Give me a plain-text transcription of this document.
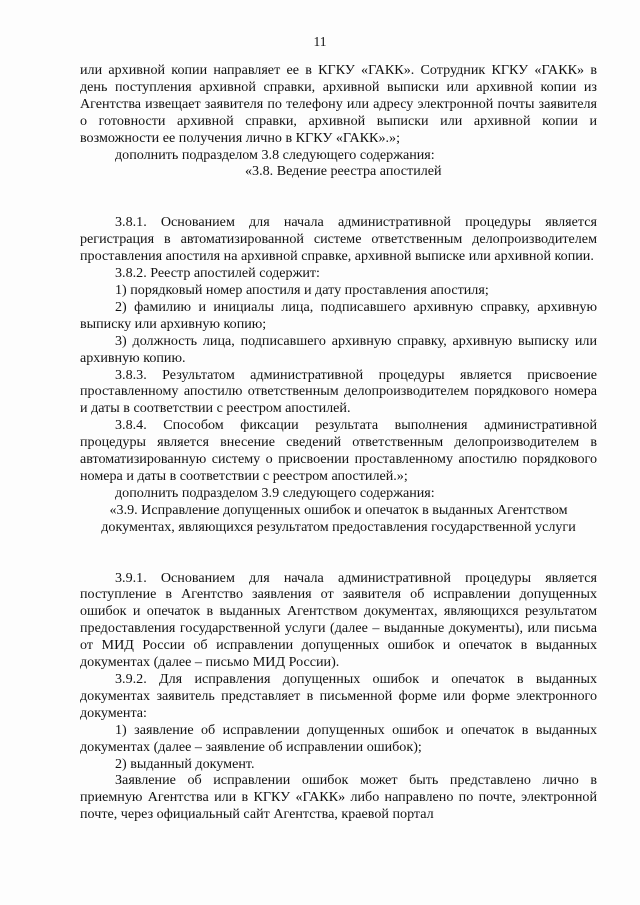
11

или архивной копии направляет ее в КГКУ «ГАКК». Сотрудник КГКУ «ГАКК» в день поступления архивной справки, архивной выписки или архивной копии из Агентства извещает заявителя по телефону или адресу электронной почты заявителя о готовности архивной справки, архивной выписки или архивной копии и возможности ее получения лично в КГКУ «ГАКК».»;

дополнить подразделом 3.8 следующего содержания:

«3.8. Ведение реестра апостилей

3.8.1. Основанием для начала административной процедуры является регистрация в автоматизированной системе ответственным делопроизводителем проставления апостиля на архивной справке, архивной выписке или архивной копии.

3.8.2. Реестр апостилей содержит:

1) порядковый номер апостиля и дату проставления апостиля;

2) фамилию и инициалы лица, подписавшего архивную справку, архивную выписку или архивную копию;

3) должность лица, подписавшего архивную справку, архивную выписку или архивную копию.

3.8.3. Результатом административной процедуры является присвоение проставленному апостилю ответственным делопроизводителем порядкового номера и даты в соответствии с реестром апостилей.

3.8.4. Способом фиксации результата выполнения административной процедуры является внесение сведений ответственным делопроизводителем в автоматизированную систему о присвоении проставленному апостилю порядкового номера и даты в соответствии с реестром апостилей.»;

дополнить подразделом 3.9 следующего содержания:

«3.9. Исправление допущенных ошибок и опечаток в выданных Агентством документах, являющихся результатом предоставления государственной услуги

3.9.1. Основанием для начала административной процедуры является поступление в Агентство заявления от заявителя об исправлении допущенных ошибок и опечаток в выданных Агентством документах, являющихся результатом предоставления государственной услуги (далее – выданные документы), или письма от МИД России об исправлении допущенных ошибок и опечаток в выданных документах (далее – письмо МИД России).

3.9.2. Для исправления допущенных ошибок и опечаток в выданных документах заявитель представляет в письменной форме или форме электронного документа:

1) заявление об исправлении допущенных ошибок и опечаток в выданных документах (далее – заявление об исправлении ошибок);

2) выданный документ.

Заявление об исправлении ошибок может быть представлено лично в приемную Агентства или в КГКУ «ГАКК» либо направлено по почте, электронной почте, через официальный сайт Агентства, краевой портал
